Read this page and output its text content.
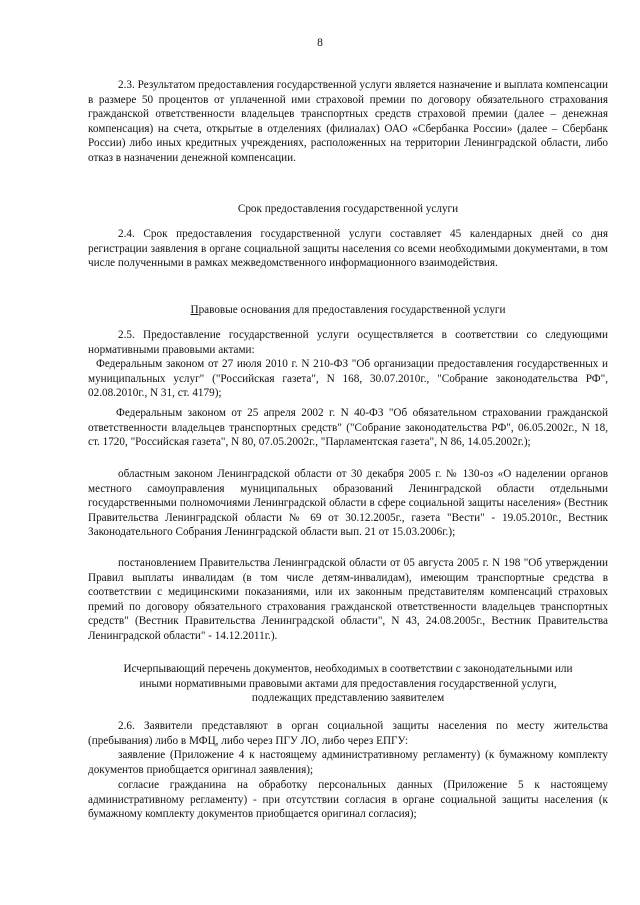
8

2.3. Результатом предоставления государственной услуги является назначение и выплата компенсации в размере 50 процентов от уплаченной ими страховой премии по договору обязательного страхования гражданской ответственности владельцев транспортных средств страховой премии (далее – денежная компенсация) на счета, открытые в отделениях (филиалах) ОАО «Сбербанка России» (далее – Сбербанк России) либо иных кредитных учреждениях, расположенных на территории Ленинградской области, либо отказ в назначении денежной компенсации.

Срок предоставления государственной услуги

2.4. Срок предоставления государственной услуги составляет 45 календарных дней со дня регистрации заявления в органе социальной защиты населения со всеми необходимыми документами, в том числе полученными в рамках межведомственного информационного взаимодействия.

Правовые основания для предоставления государственной услуги

2.5. Предоставление государственной услуги осуществляется в соответствии со следующими нормативными правовыми актами:

Федеральным законом от 27 июля 2010 г. N 210-ФЗ "Об организации предоставления государственных и муниципальных услуг" ("Российская газета", N 168, 30.07.2010г., "Собрание законодательства РФ", 02.08.2010г., N 31, ст. 4179);

Федеральным законом от 25 апреля 2002 г. N 40-ФЗ "Об обязательном страховании гражданской ответственности владельцев транспортных средств" ("Собрание законодательства РФ", 06.05.2002г., N 18, ст. 1720, "Российская газета", N 80, 07.05.2002г., "Парламентская газета", N 86, 14.05.2002г.);

областным законом Ленинградской области от 30 декабря 2005 г. № 130-оз «О наделении органов местного самоуправления муниципальных образований Ленинградской области отдельными государственными полномочиями Ленинградской области в сфере социальной защиты населения» (Вестник Правительства Ленинградской области № 69 от 30.12.2005г., газета "Вести" - 19.05.2010г., Вестник Законодательного Собрания Ленинградской области вып. 21 от 15.03.2006г.);

постановлением Правительства Ленинградской области от 05 августа 2005 г. N 198 "Об утверждении Правил выплаты инвалидам (в том числе детям-инвалидам), имеющим транспортные средства в соответствии с медицинскими показаниями, или их законным представителям компенсаций страховых премий по договору обязательного страхования гражданской ответственности владельцев транспортных средств" (Вестник Правительства Ленинградской области", N 43, 24.08.2005г., Вестник Правительства Ленинградской области" - 14.12.2011г.).

Исчерпывающий перечень документов, необходимых в соответствии с законодательными или

иными нормативными правовыми актами для предоставления государственной услуги,

подлежащих представлению заявителем

2.6. Заявители представляют в орган социальной защиты населения по месту жительства (пребывания) либо в МФЦ, либо через ПГУ ЛО, либо через ЕПГУ:

заявление (Приложение 4 к настоящему административному регламенту) (к бумажному комплекту документов приобщается оригинал заявления);

согласие гражданина на обработку персональных данных (Приложение 5 к настоящему административному регламенту) - при отсутствии согласия в органе социальной защиты населения (к бумажному комплекту документов приобщается оригинал согласия);
